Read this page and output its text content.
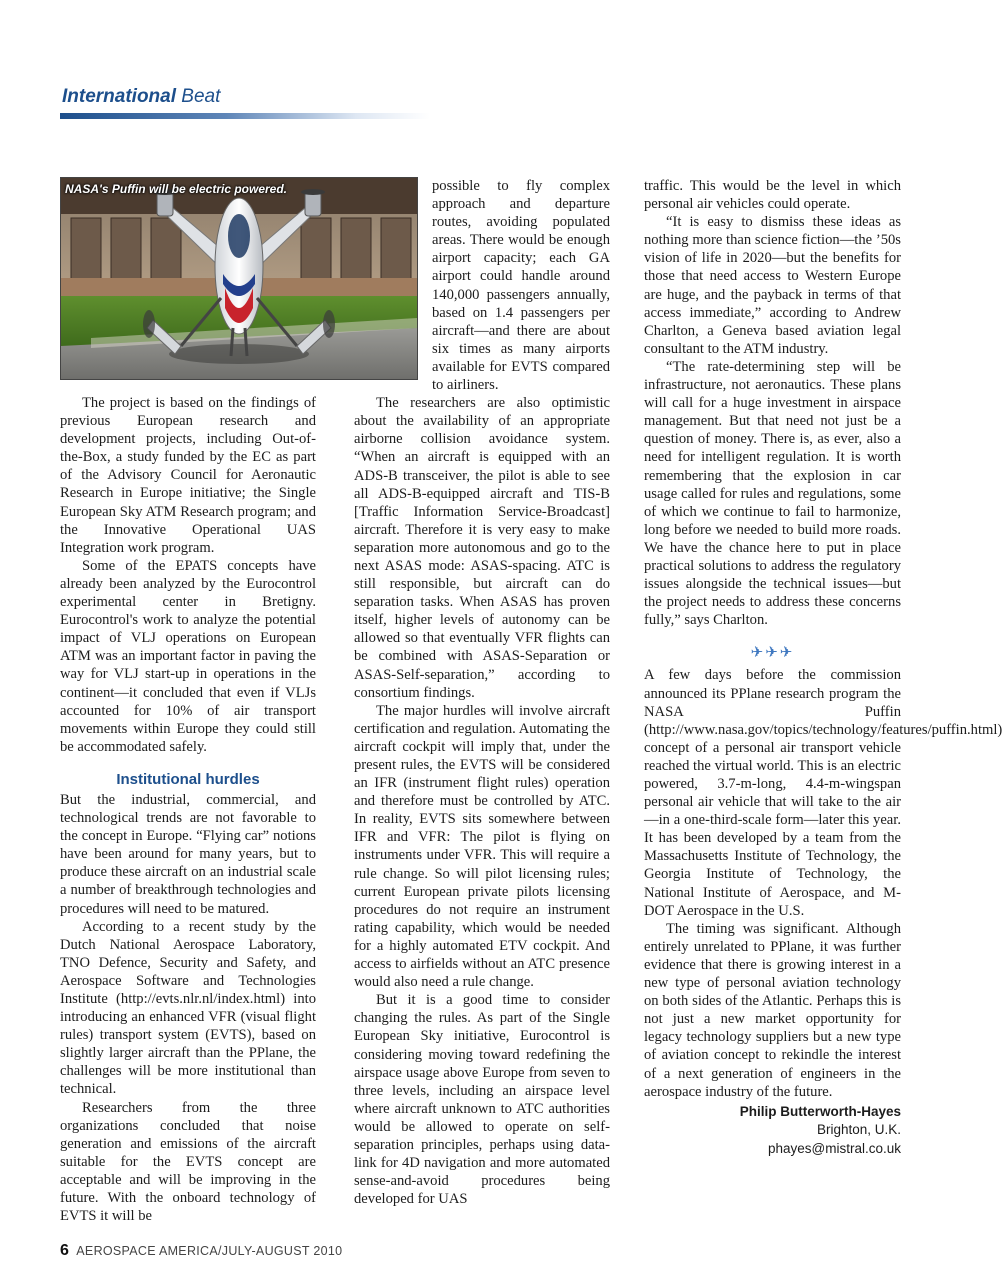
International Beat
NASA's Puffin will be electric powered.

The project is based on the findings of previous European research and development projects, including Out-of-the-Box, a study funded by the EC as part of the Advisory Council for Aeronautic Research in Europe initiative; the Single European Sky ATM Research program; and the Innovative Operational UAS Integration work program.

Some of the EPATS concepts have already been analyzed by the Eurocontrol experimental center in Bretigny. Eurocontrol's work to analyze the potential impact of VLJ operations on European ATM was an important factor in paving the way for VLJ start-up in operations in the continent—it concluded that even if VLJs accounted for 10% of air transport movements within Europe they could still be accommodated safely.

Institutional hurdles

But the industrial, commercial, and technological trends are not favorable to the concept in Europe. “Flying car” notions have been around for many years, but to produce these aircraft on an industrial scale a number of breakthrough technologies and procedures will need to be matured.

According to a recent study by the Dutch National Aerospace Laboratory, TNO Defence, Security and Safety, and Aerospace Software and Technologies Institute (http://evts.nlr.nl/index.html) into introducing an enhanced VFR (visual flight rules) transport system (EVTS), based on slightly larger aircraft than the PPlane, the challenges will be more institutional than technical.

Researchers from the three organizations concluded that noise generation and emissions of the aircraft suitable for the EVTS concept are acceptable and will be improving in the future. With the onboard technology of EVTS it will be

possible to fly complex approach and departure routes, avoiding populated areas. There would be enough airport capacity; each GA airport could handle around 140,000 passengers annually, based on 1.4 passengers per aircraft—and there are about six times as many airports available for EVTS compared to airliners.

The researchers are also optimistic about the availability of an appropriate airborne collision avoidance system. “When an aircraft is equipped with an ADS-B transceiver, the pilot is able to see all ADS-B-equipped aircraft and TIS-B [Traffic Information Service-Broadcast] aircraft. Therefore it is very easy to make separation more autonomous and go to the next ASAS mode: ASAS-spacing. ATC is still responsible, but aircraft can do separation tasks. When ASAS has proven itself, higher levels of autonomy can be allowed so that eventually VFR flights can be combined with ASAS-Separation or ASAS-Self-separation,” according to consortium findings.

The major hurdles will involve aircraft certification and regulation. Automating the aircraft cockpit will imply that, under the present rules, the EVTS will be considered an IFR (instrument flight rules) operation and therefore must be controlled by ATC. In reality, EVTS sits somewhere between IFR and VFR: The pilot is flying on instruments under VFR. This will require a rule change. So will pilot licensing rules; current European private pilots licensing procedures do not require an instrument rating capability, which would be needed for a highly automated ETV cockpit. And access to airfields without an ATC presence would also need a rule change.

But it is a good time to consider changing the rules. As part of the Single European Sky initiative, Eurocontrol is considering moving toward redefining the airspace usage above Europe from seven to three levels, including an airspace level where aircraft unknown to ATC authorities would be allowed to operate on self-separation principles, perhaps using data-link for 4D navigation and more automated sense-and-avoid procedures being developed for UAS

traffic. This would be the level in which personal air vehicles could operate.

“It is easy to dismiss these ideas as nothing more than science fiction—the ’50s vision of life in 2020—but the benefits for those that need access to Western Europe are huge, and the payback in terms of that access immediate,” according to Andrew Charlton, a Geneva based aviation legal consultant to the ATM industry.

“The rate-determining step will be infrastructure, not aeronautics. These plans will call for a huge investment in airspace management. But that need not just be a question of money. There is, as ever, also a need for intelligent regulation. It is worth remembering that the explosion in car usage called for rules and regulations, some of which we continue to fail to harmonize, long before we needed to build more roads. We have the chance here to put in place practical solutions to address the regulatory issues alongside the technical issues—but the project needs to address these concerns fully,” says Charlton.

✈✈✈

A few days before the commission announced its PPlane research program the NASA Puffin (http://www.nasa.gov/topics/technology/features/puffin.html) concept of a personal air transport vehicle reached the virtual world. This is an electric powered, 3.7-m-long, 4.4-m-wingspan personal air vehicle that will take to the air—in a one-third-scale form—later this year. It has been developed by a team from the Massachusetts Institute of Technology, the Georgia Institute of Technology, the National Institute of Aerospace, and M-DOT Aerospace in the U.S.

The timing was significant. Although entirely unrelated to PPlane, it was further evidence that there is growing interest in a new type of personal aviation technology on both sides of the Atlantic. Perhaps this is not just a new market opportunity for legacy technology suppliers but a new type of aviation concept to rekindle the interest of a next generation of engineers in the aerospace industry of the future.

Philip Butterworth-Hayes
Brighton, U.K.
phayes@mistral.co.uk
6 AEROSPACE AMERICA/JULY-AUGUST 2010
